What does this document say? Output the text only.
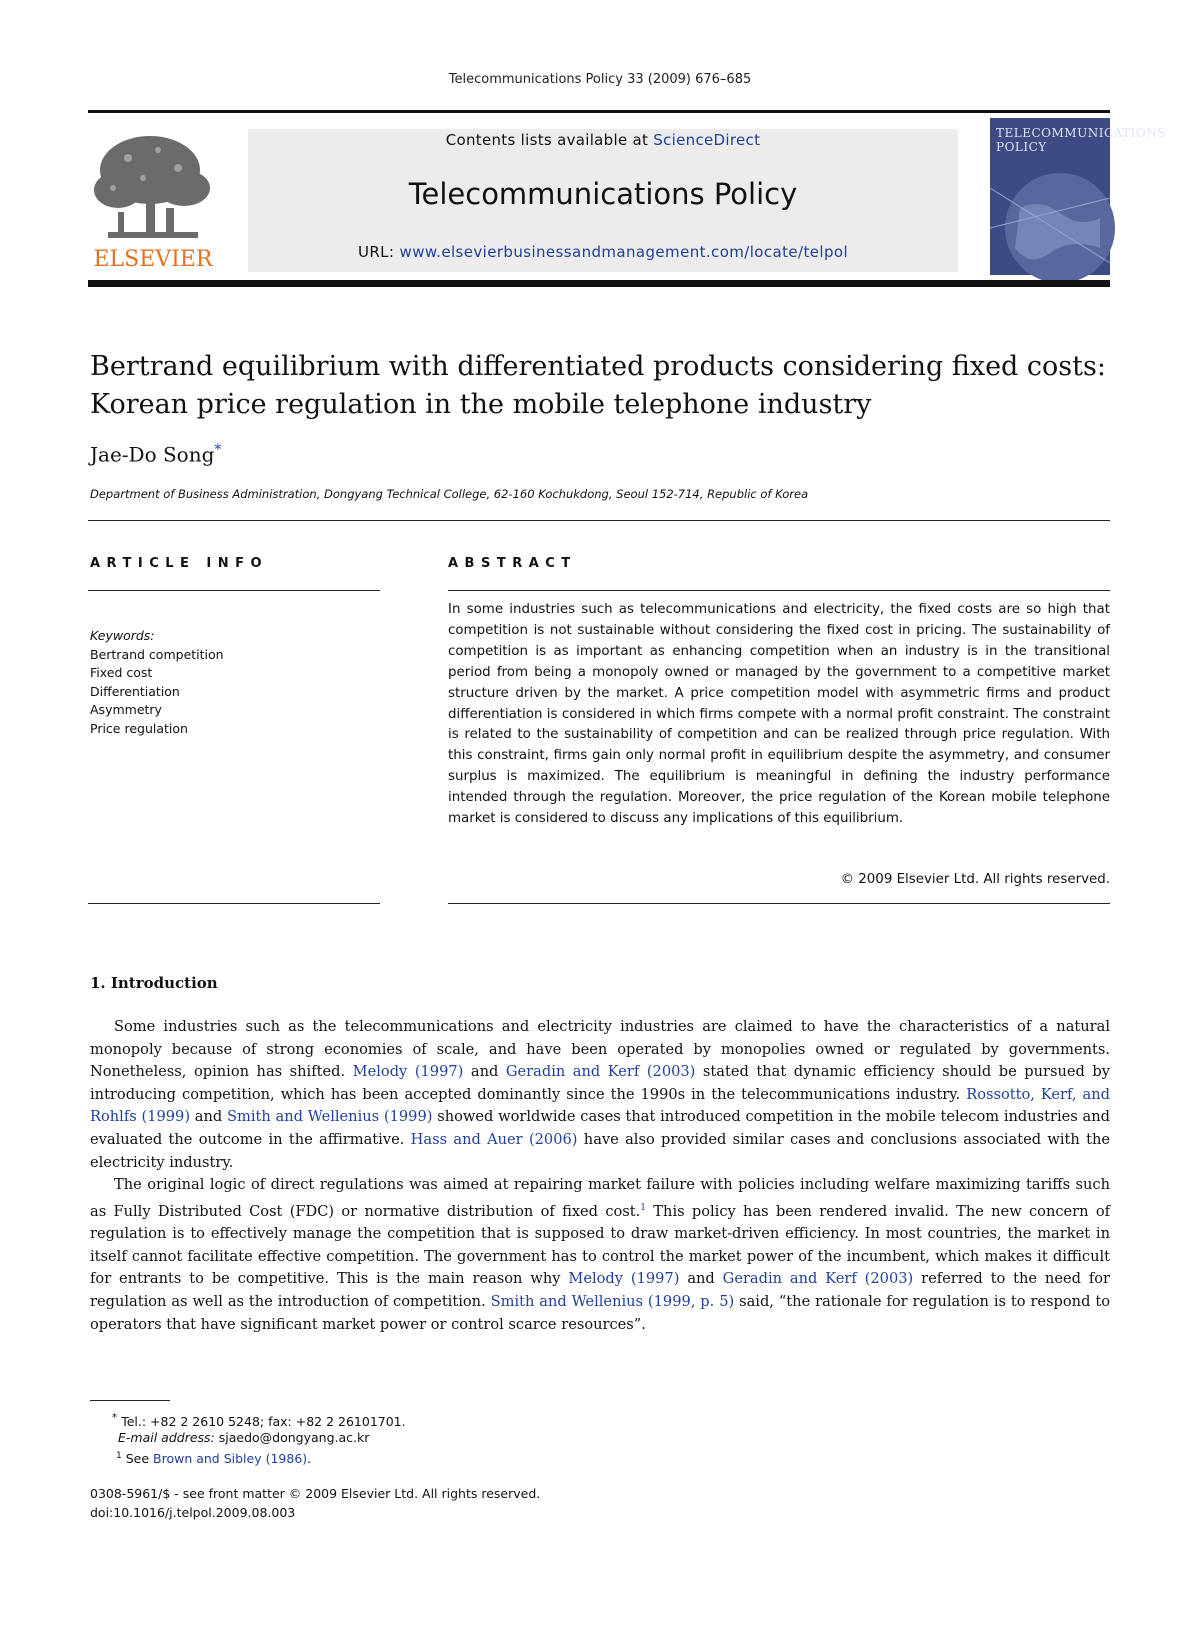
Telecommunications Policy 33 (2009) 676–685
ELSEVIER
Contents lists available at ScienceDirect
Telecommunications Policy
URL: www.elsevierbusinessandmanagement.com/locate/telpol
TELECOMMUNICATIONS POLICY
Bertrand equilibrium with differentiated products considering fixed costs: Korean price regulation in the mobile telephone industry
Jae-Do Song*
Department of Business Administration, Dongyang Technical College, 62-160 Kochukdong, Seoul 152-714, Republic of Korea
ARTICLE INFO
Keywords:
Bertrand competition
Fixed cost
Differentiation
Asymmetry
Price regulation
ABSTRACT
In some industries such as telecommunications and electricity, the fixed costs are so high that competition is not sustainable without considering the fixed cost in pricing. The sustainability of competition is as important as enhancing competition when an industry is in the transitional period from being a monopoly owned or managed by the government to a competitive market structure driven by the market. A price competition model with asymmetric firms and product differentiation is considered in which firms compete with a normal profit constraint. The constraint is related to the sustainability of competition and can be realized through price regulation. With this constraint, firms gain only normal profit in equilibrium despite the asymmetry, and consumer surplus is maximized. The equilibrium is meaningful in defining the industry performance intended through the regulation. Moreover, the price regulation of the Korean mobile telephone market is considered to discuss any implications of this equilibrium.
© 2009 Elsevier Ltd. All rights reserved.
1. Introduction

Some industries such as the telecommunications and electricity industries are claimed to have the characteristics of a natural monopoly because of strong economies of scale, and have been operated by monopolies owned or regulated by governments. Nonetheless, opinion has shifted. Melody (1997) and Geradin and Kerf (2003) stated that dynamic efficiency should be pursued by introducing competition, which has been accepted dominantly since the 1990s in the telecommunications industry. Rossotto, Kerf, and Rohlfs (1999) and Smith and Wellenius (1999) showed worldwide cases that introduced competition in the mobile telecom industries and evaluated the outcome in the affirmative. Hass and Auer (2006) have also provided similar cases and conclusions associated with the electricity industry.

The original logic of direct regulations was aimed at repairing market failure with policies including welfare maximizing tariffs such as Fully Distributed Cost (FDC) or normative distribution of fixed cost.$^1$ This policy has been rendered invalid. The new concern of regulation is to effectively manage the competition that is supposed to draw market-driven efficiency. In most countries, the market in itself cannot facilitate effective competition. The government has to control the market power of the incumbent, which makes it difficult for entrants to be competitive. This is the main reason why Melody (1997) and Geradin and Kerf (2003) referred to the need for regulation as well as the introduction of competition. Smith and Wellenius (1999, p. 5) said, “the rationale for regulation is to respond to operators that have significant market power or control scarce resources”.

* Tel.: +82 2 2610 5248; fax: +82 2 26101701.
E-mail address: sjaedo@dongyang.ac.kr
$^1$ See Brown and Sibley (1986).
0308-5961/$ - see front matter © 2009 Elsevier Ltd. All rights reserved.
doi:10.1016/j.telpol.2009.08.003
